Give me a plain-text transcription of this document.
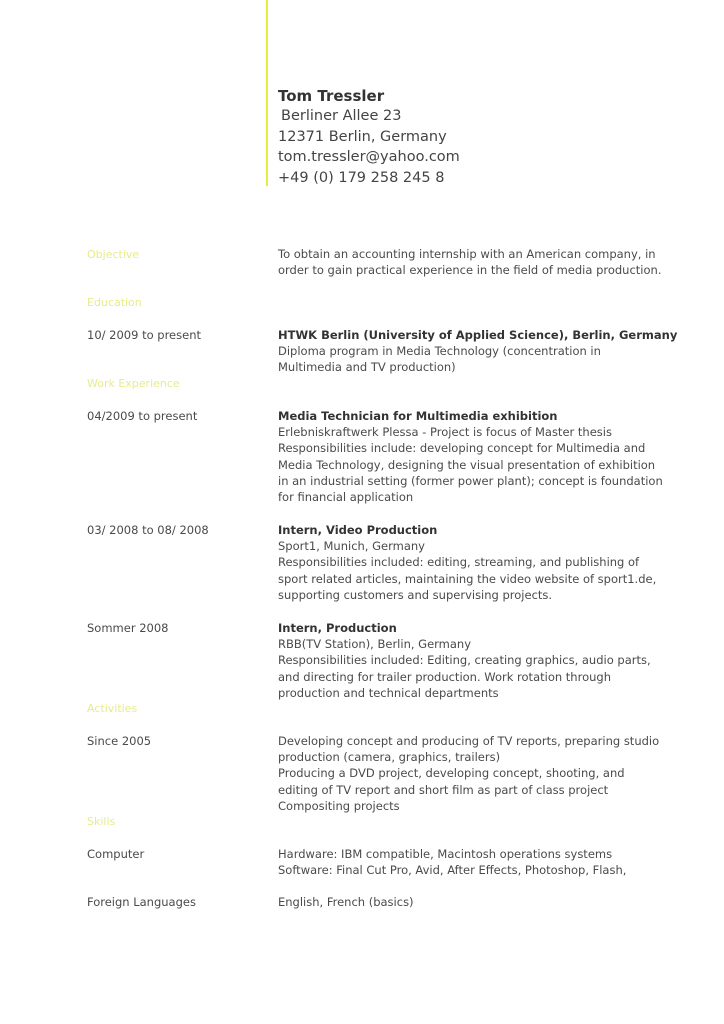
Tom Tressler
Berliner Allee 23
12371 Berlin, Germany
tom.tressler@yahoo.com
+49 (0) 179 258 245 8
Objective	To obtain an accounting internship with an American company, in
order to gain practical experience in the field of media production.
Education
10/ 2009 to present	HTWK Berlin (University of Applied Science), Berlin, Germany
Diploma program in Media Technology (concentration in
Multimedia and TV production)
Work Experience
04/2009 to present	Media Technician for Multimedia exhibition
Erlebniskraftwerk Plessa - Project is focus of Master thesis
Responsibilities include: developing concept for Multimedia and
Media Technology, designing the visual presentation of exhibition
in an industrial setting (former power plant); concept is foundation
for financial application
03/ 2008 to 08/ 2008	Intern, Video Production
Sport1, Munich, Germany
Responsibilities included: editing, streaming, and publishing of
sport related articles, maintaining the video website of sport1.de,
supporting customers and supervising projects.
Sommer 2008	Intern, Production
RBB(TV Station), Berlin, Germany
Responsibilities included: Editing, creating graphics, audio parts,
and directing for trailer production. Work rotation through
production and technical departments
Activities
Since 2005	Developing concept and producing of TV reports, preparing studio
production (camera, graphics, trailers)
Producing a DVD project, developing concept, shooting, and
editing of TV report and short film as part of class project
Compositing projects
Skills
Computer	Hardware: IBM compatible, Macintosh operations systems
Software: Final Cut Pro, Avid, After Effects, Photoshop, Flash,
Foreign Languages	English, French (basics)
